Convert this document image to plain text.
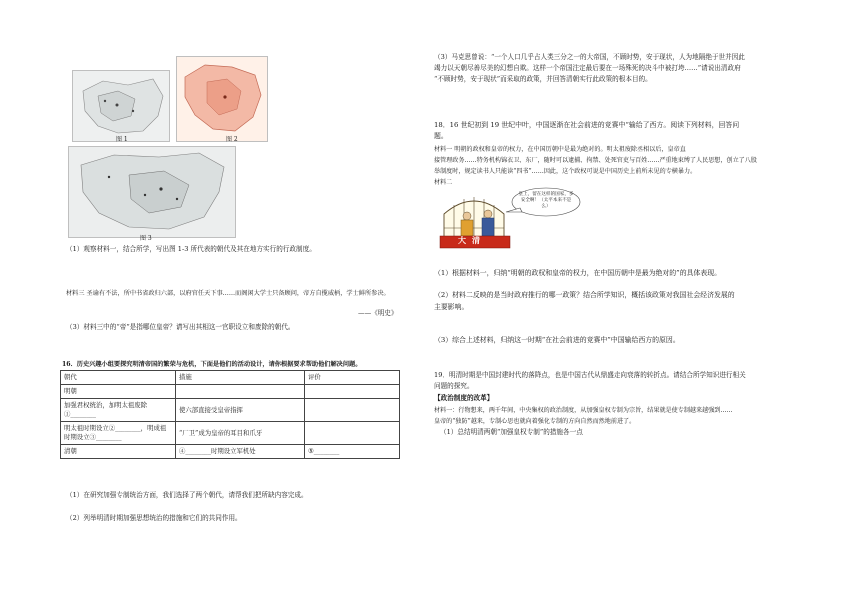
图 1	图 2
图 3
（1）观察材料一，结合所学，写出图 1-3 所代表的朝代及其在地方实行的行政制度。
材料三 圣谕有不法，所中书省政归六部，以府官任天下事……而阁闲大学士只备顾问，帝方自揽威柄，学士鲜所参决。
——《明史》
（3）材料三中的“帝”是指哪位皇帝？请写出其相这一官职设立和废除的朝代。
16．历史兴趣小组要探究明清帝国的繁荣与危机，下面是他们的活动设计，请你根据要求帮助他们解决问题。
朝代	措施	评价
明朝		
加强君权统治，加明太祖废除①________	使六部直接受皇帝指挥	
明太祖时期设立②________，明成祖时期设立③________	“厂卫”成为皇帝的耳目和爪牙	
清朝	④________时期设立军机处	⑤________
（1）在研究加强专制统治方面，我们选择了两个朝代，请帮我们把所缺内容完成。
（2）列举明清时期加强思想统治的措施和它们的共同作用。
（3）马克思曾说：“一个人口几乎占人类三分之一的大帝国，不顾时势，安于现状，人为地隔绝于世并因此
竭力以天朝尽善尽美的幻想自欺。这样一个帝国注定最后要在一场殊死的决斗中被打垮……”请说出清政府
“不顾时势，安于现状”而采取的政策，并回答清朝实行此政策的根本目的。
18．16 世纪初到 19 世纪中叶，中国逐渐在社会前进的竞赛中“输给了西方。阅读下列材料，回答问
题。
材料一 明朝的政权和皇帝的权力，在中国历朝中是最为绝对的。明太祖废除丞相以后，皇帝直
接管理政务……特务机构锦衣卫、东厂，随时可以逮捕、拘禁、处死官吏与百姓……严重地束缚了人民思想，创立了八股
举制度时，规定读书人只能读“四书”……因此，这个政权可说是中国历史上前所未见的专横暴力。
材料二
大清
皇上，留在这样的国家，多安全啊！（太平本来不是么）
（1）根据材料一，归纳“明朝的政权和皇帝的权力，在中国历朝中是最为绝对的”的具体表现。
（2）材料二反映的是当时政府推行的哪一政策？结合所学知识，概括该政策对我国社会经济发展的
主要影响。
（3）综合上述材料，归纳这一时期“在社会前进的竞赛中”中国输给西方的原因。
19．明清时期是中国封建时代的落降点，也是中国古代从鼎盛走向衰落的转折点。请结合所学知识进行相关
问题的探究。
【政治制度的改革】
材料一：行物想来，两千年间，中央集权的政治制度，从加强皇权专制为宗旨，结果就是使专制越来越强到……
皇帝的“独防”越来，专制心思也就向着强化专制的方向自然而然地前进了。
（1）总结明清两朝“加强皇权专制”的措施各一点
